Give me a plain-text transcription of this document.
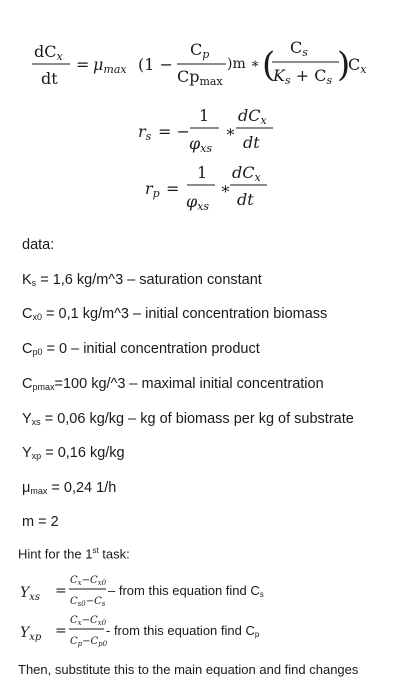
dCx
dt
= μmax (1 −
Cp
Cpmax
)m ∗ ( Cs
Ks + Cs )
Cx
rs = −
1
φxs
∗
dCx
dt
rp =
1
φxs
∗
dCx
dt
data:
$K_s = 1,6$ kg/m^3 – saturation constant
$C_{x0} = 0,1$ kg/m^3 – initial concentration biomass
$C_{p0} = 0$ – initial concentration product
$C_{pmax}=100$ kg/^3 – maximal initial concentration
$Y_{xs} = 0,06$ kg/kg – kg of biomass per kg of substrate
$Y_{xp} = 0,16$ kg/kg
$\mu_{max} = 0,24$ 1/h
m = 2
Hint for the 1st task:
$Y_{xs}$ =
$C_x-C_{x0}$
$C_{s0}-C_s$
– from this equation find Cs
$Y_{xp}$ =
$C_x-C_{x0}$
$C_p-C_{p0}$
- from this equation find Cp
Then, substitute this to the main equation and find changes
